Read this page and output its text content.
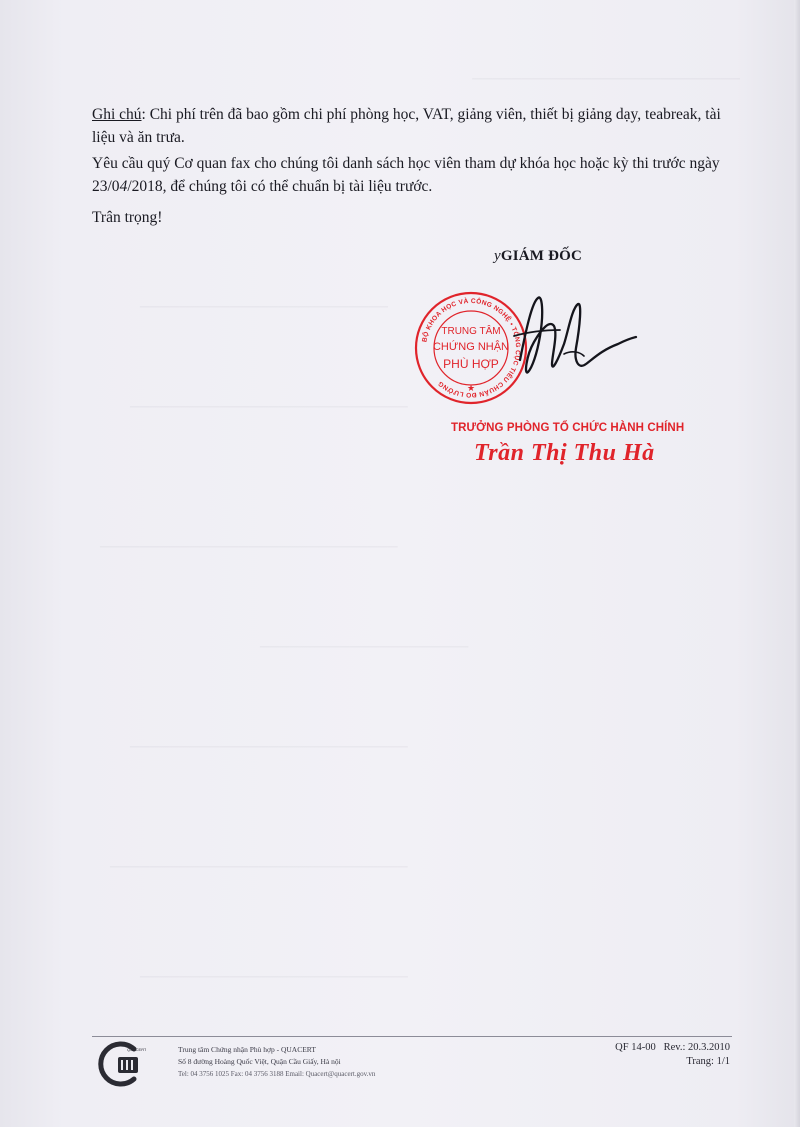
───────────────────────────
─────────────────────────
────────────────────────────
──────────────────────────────
─────────────────────
────────────────────────────
──────────────────────────────
───────────────────────────

Ghi chú: Chi phí trên đã bao gồm chi phí phòng học, VAT, giảng viên, thiết bị giảng dạy, teabreak, tài liệu và ăn trưa.

Yêu cầu quý Cơ quan fax cho chúng tôi danh sách học viên tham dự khóa học hoặc kỳ thi trước ngày 23/04/2018, để chúng tôi có thể chuẩn bị tài liệu trước.

Trân trọng!

yGIÁM ĐỐC
BỘ KHOA HỌC VÀ CÔNG NGHỆ • TỔNG CỤC TIÊU CHUẨN ĐO LƯỜNG
TRUNG TÂM
CHỨNG NHẬN
PHÙ HỢP
★
TRƯỞNG PHÒNG TỔ CHỨC HÀNH CHÍNH
Trần Thị Thu Hà
QUACERT	Trung tâm Chứng nhận Phù hợp - QUACERT
Số 8 đường Hoàng Quốc Việt, Quận Cầu Giấy, Hà nội
Tel: 04 3756 1025 Fax: 04 3756 3188 Email: Quacert@quacert.gov.vn
QF 14-00 Rev.: 20.3.2010
Trang: 1/1
